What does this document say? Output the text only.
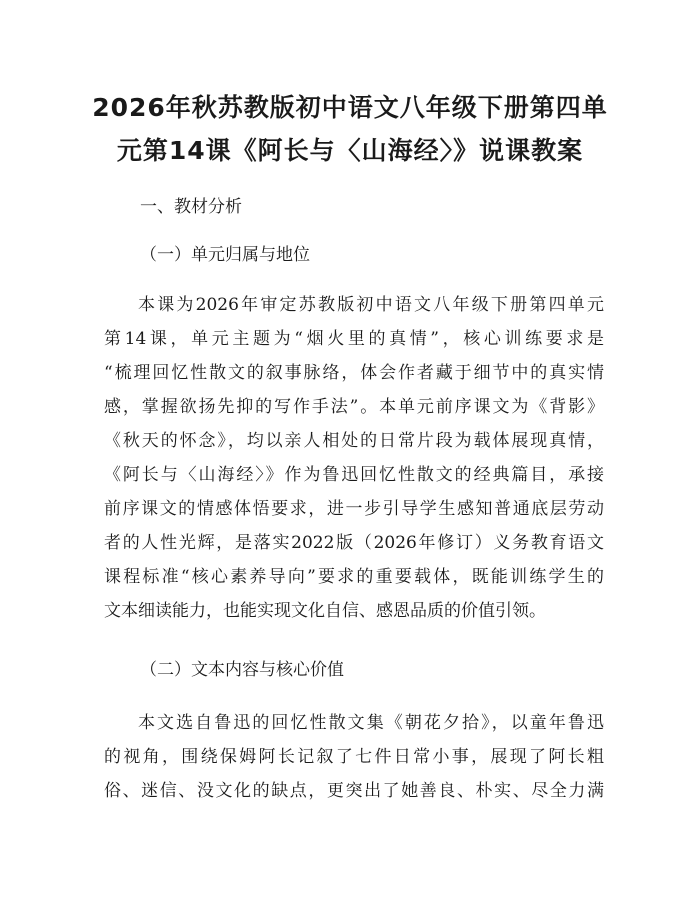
2026年秋苏教版初中语文八年级下册第四单
元第14课《阿长与〈山海经〉》说课教案

一、教材分析

（一）单元归属与地位

本课为2026年审定苏教版初中语文八年级下册第四单元
第14课，单元主题为“烟火里的真情”，核心训练要求是
“梳理回忆性散文的叙事脉络，体会作者藏于细节中的真实情
感，掌握欲扬先抑的写作手法”。本单元前序课文为《背影》
《秋天的怀念》，均以亲人相处的日常片段为载体展现真情，
《阿长与〈山海经〉》作为鲁迅回忆性散文的经典篇目，承接
前序课文的情感体悟要求，进一步引导学生感知普通底层劳动
者的人性光辉，是落实2022版（2026年修订）义务教育语文
课程标准“核心素养导向”要求的重要载体，既能训练学生的
文本细读能力，也能实现文化自信、感恩品质的价值引领。

（二）文本内容与核心价值

本文选自鲁迅的回忆性散文集《朝花夕拾》，以童年鲁迅
的视角，围绕保姆阿长记叙了七件日常小事，展现了阿长粗
俗、迷信、没文化的缺点，更突出了她善良、朴实、尽全力满
